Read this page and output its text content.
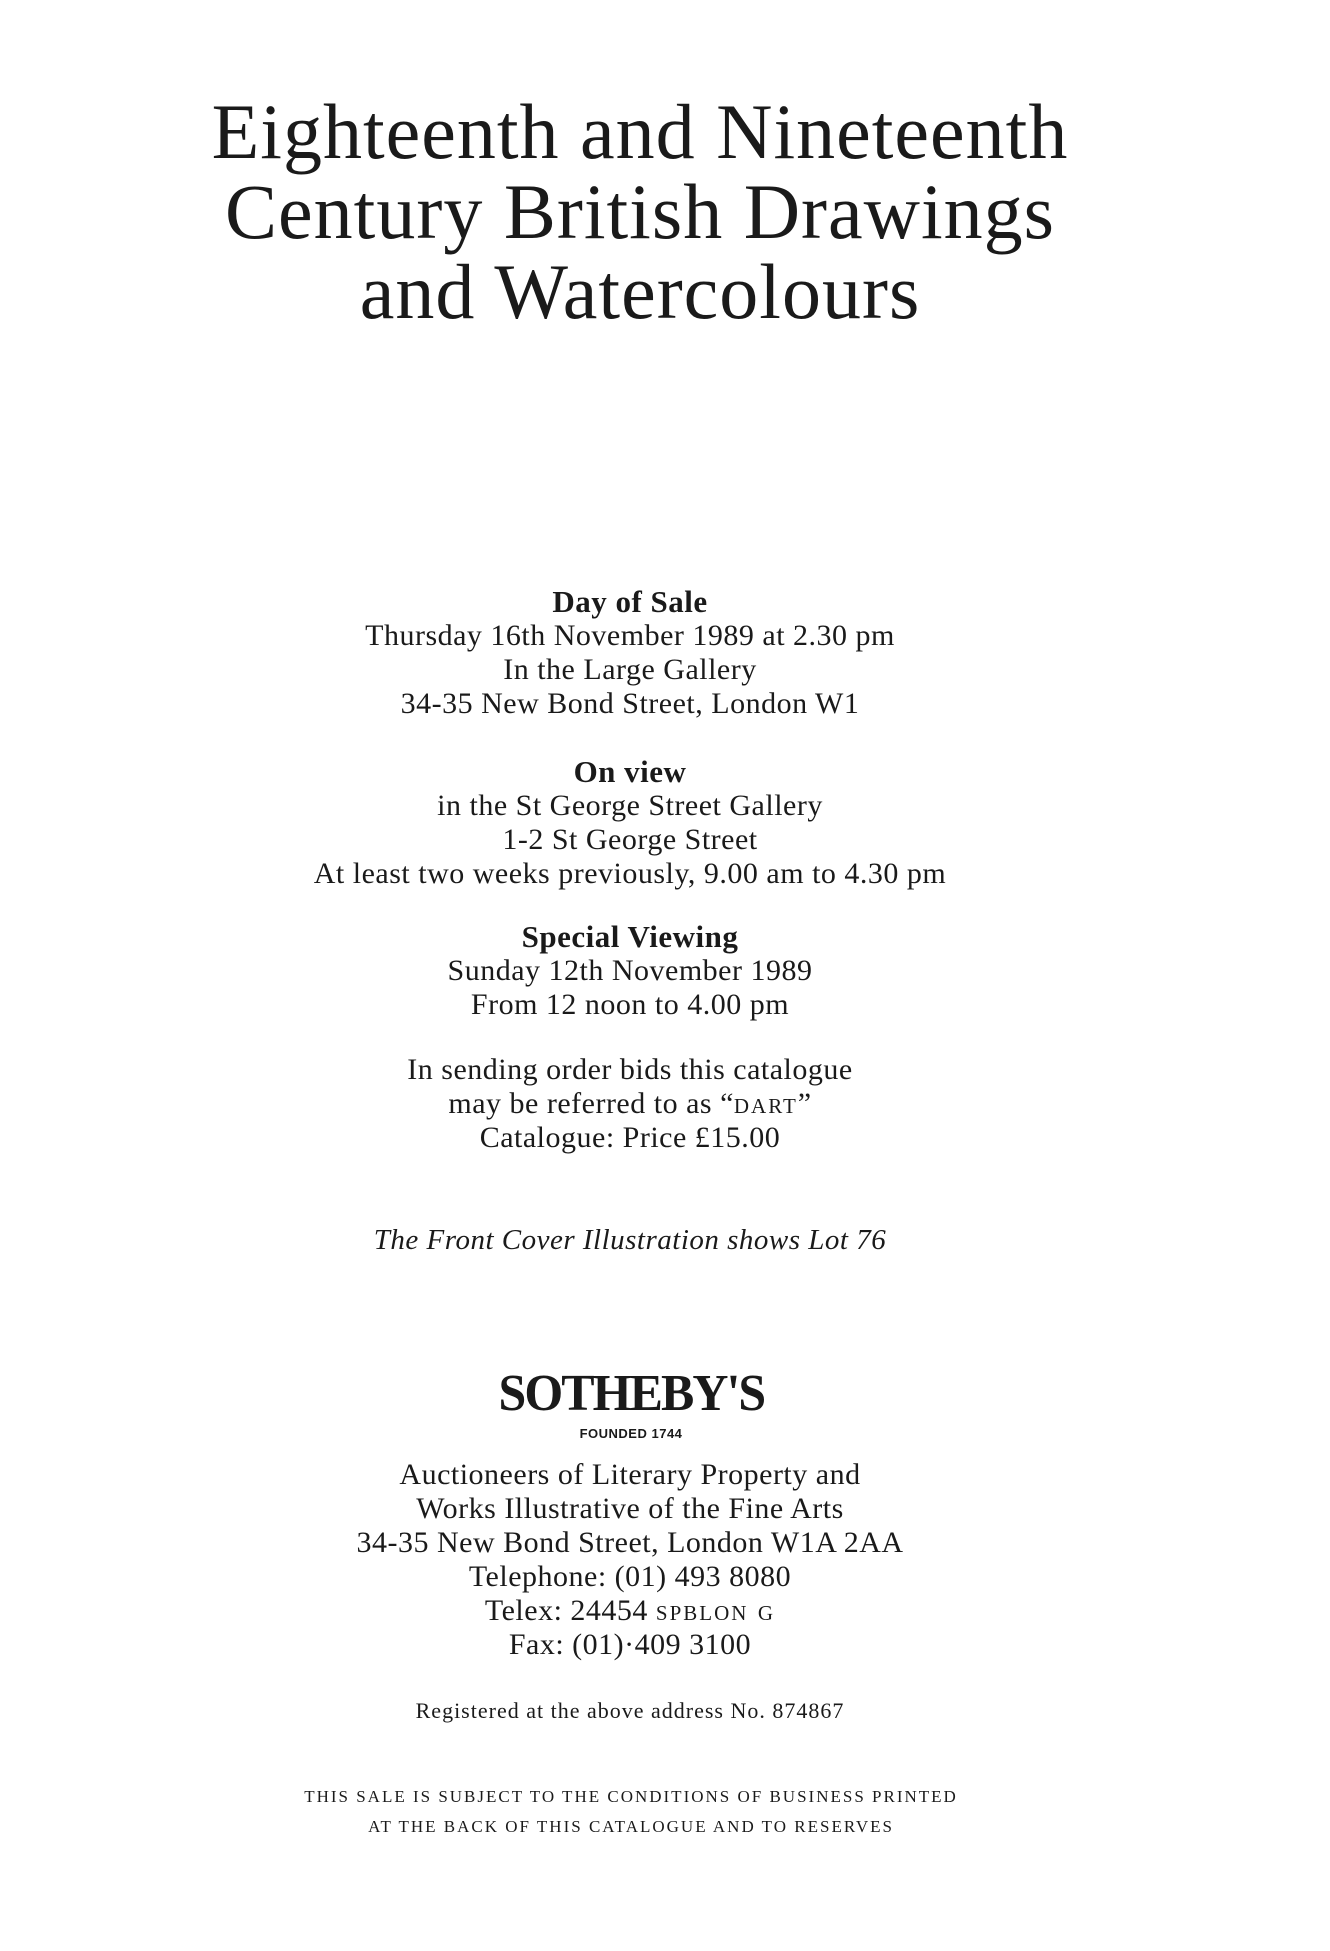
Eighteenth and Nineteenth
Century British Drawings
and Watercolours
Day of Sale
Thursday 16th November 1989 at 2.30 pm
In the Large Gallery
34-35 New Bond Street, London W1
On view
in the St George Street Gallery
1-2 St George Street
At least two weeks previously, 9.00 am to 4.30 pm
Special Viewing
Sunday 12th November 1989
From 12 noon to 4.00 pm
In sending order bids this catalogue
may be referred to as “dart”
Catalogue: Price £15.00
The Front Cover Illustration shows Lot 76
SOTHEBY'S
FOUNDED 1744
Auctioneers of Literary Property and
Works Illustrative of the Fine Arts
34-35 New Bond Street, London W1A 2AA
Telephone: (01) 493 8080
Telex: 24454 spblon g
Fax: (01)·409 3100
Registered at the above address No. 874867
THIS SALE IS SUBJECT TO THE CONDITIONS OF BUSINESS PRINTED
AT THE BACK OF THIS CATALOGUE AND TO RESERVES
